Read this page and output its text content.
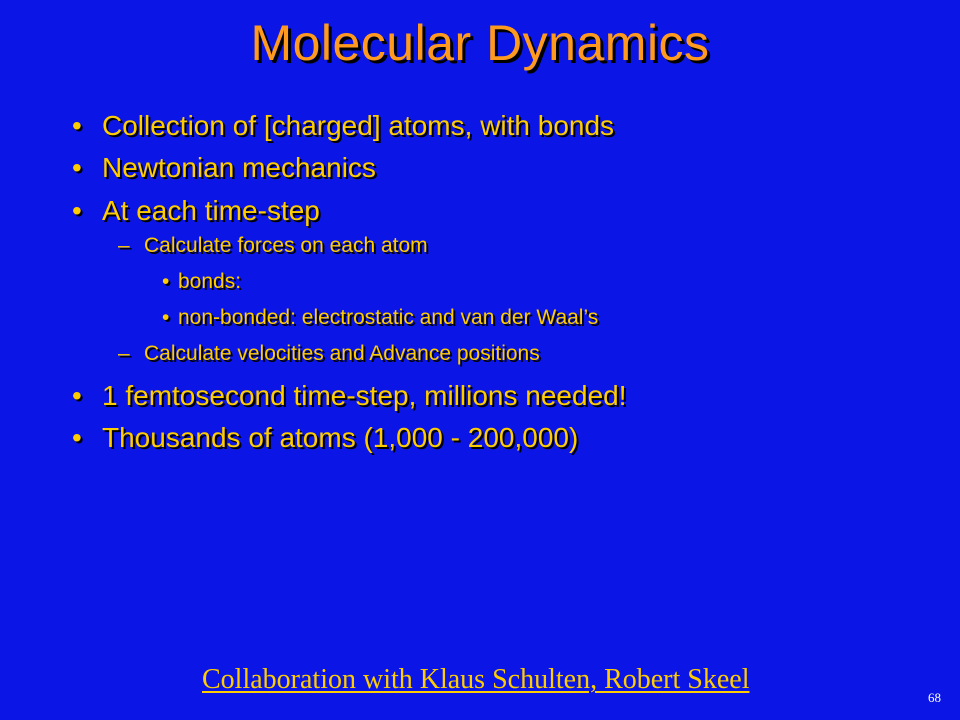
Molecular Dynamics
• Collection of [charged] atoms, with bonds
• Newtonian mechanics
• At each time-step
– Calculate forces on each atom
• bonds:
• non-bonded: electrostatic and van der Waal’s
– Calculate velocities and Advance positions
• 1 femtosecond time-step, millions needed!
• Thousands of atoms (1,000 - 200,000)
Collaboration with Klaus Schulten, Robert Skeel
68
